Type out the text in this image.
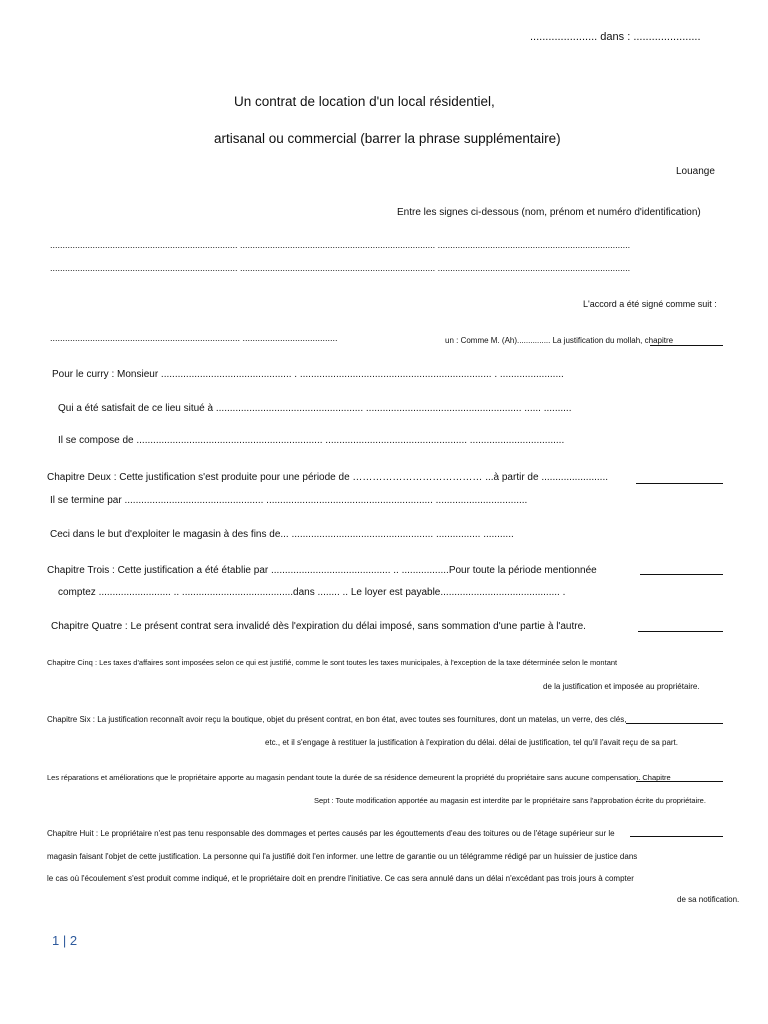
...................... dans : ......................
Un contrat de location d'un local résidentiel,
artisanal ou commercial (barrer la phrase supplémentaire)
Louange
Entre les signes ci-dessous (nom, prénom et numéro d'identification)
........................................................................... .............................................................................. .............................................................................
........................................................................... .............................................................................. .............................................................................
L'accord a été signé comme suit :
............................................................................ ......................................	un : Comme M. (Ah)............... La justification du mollah, chapitre
Pour le curry : Monsieur ............................................... . ..................................................................... . .......................
Qui a été satisfait de ce lieu situé à ..................................................... ........................................................ ...... ..........
Il se compose de ................................................................... ................................................... ..................................
Chapitre Deux : Cette justification s'est produite pour une période de ………………………………… ...à partir de ........................
Il se termine par .................................................. ............................................................ .................................
Ceci dans le but d'exploiter le magasin à des fins de... ................................................... ................ ...........
Chapitre Trois : Cette justification a été établie par ........................................... .. .................Pour toute la période mentionnée
comptez .......................... .. ........................................dans ........ .. Le loyer est payable........................................... .
Chapitre Quatre : Le présent contrat sera invalidé dès l'expiration du délai imposé, sans sommation d'une partie à l'autre.
Chapitre Cinq : Les taxes d'affaires sont imposées selon ce qui est justifié, comme le sont toutes les taxes municipales, à l'exception de la taxe déterminée selon le montant
de la justification et imposée au propriétaire.
Chapitre Six : La justification reconnaît avoir reçu la boutique, objet du présent contrat, en bon état, avec toutes ses fournitures, dont un matelas, un verre, des clés,
etc., et il s'engage à restituer la justification à l'expiration du délai. délai de justification, tel qu'il l'avait reçu de sa part.
Les réparations et améliorations que le propriétaire apporte au magasin pendant toute la durée de sa résidence demeurent la propriété du propriétaire sans aucune compensation. Chapitre
Sept : Toute modification apportée au magasin est interdite par le propriétaire sans l'approbation écrite du propriétaire.
Chapitre Huit : Le propriétaire n'est pas tenu responsable des dommages et pertes causés par les égouttements d'eau des toitures ou de l'étage supérieur sur le
magasin faisant l'objet de cette justification. La personne qui l'a justifié doit l'en informer. une lettre de garantie ou un télégramme rédigé par un huissier de justice dans
le cas où l'écoulement s'est produit comme indiqué, et le propriétaire doit en prendre l'initiative. Ce cas sera annulé dans un délai n'excédant pas trois jours à compter
de sa notification.
1 | 2
